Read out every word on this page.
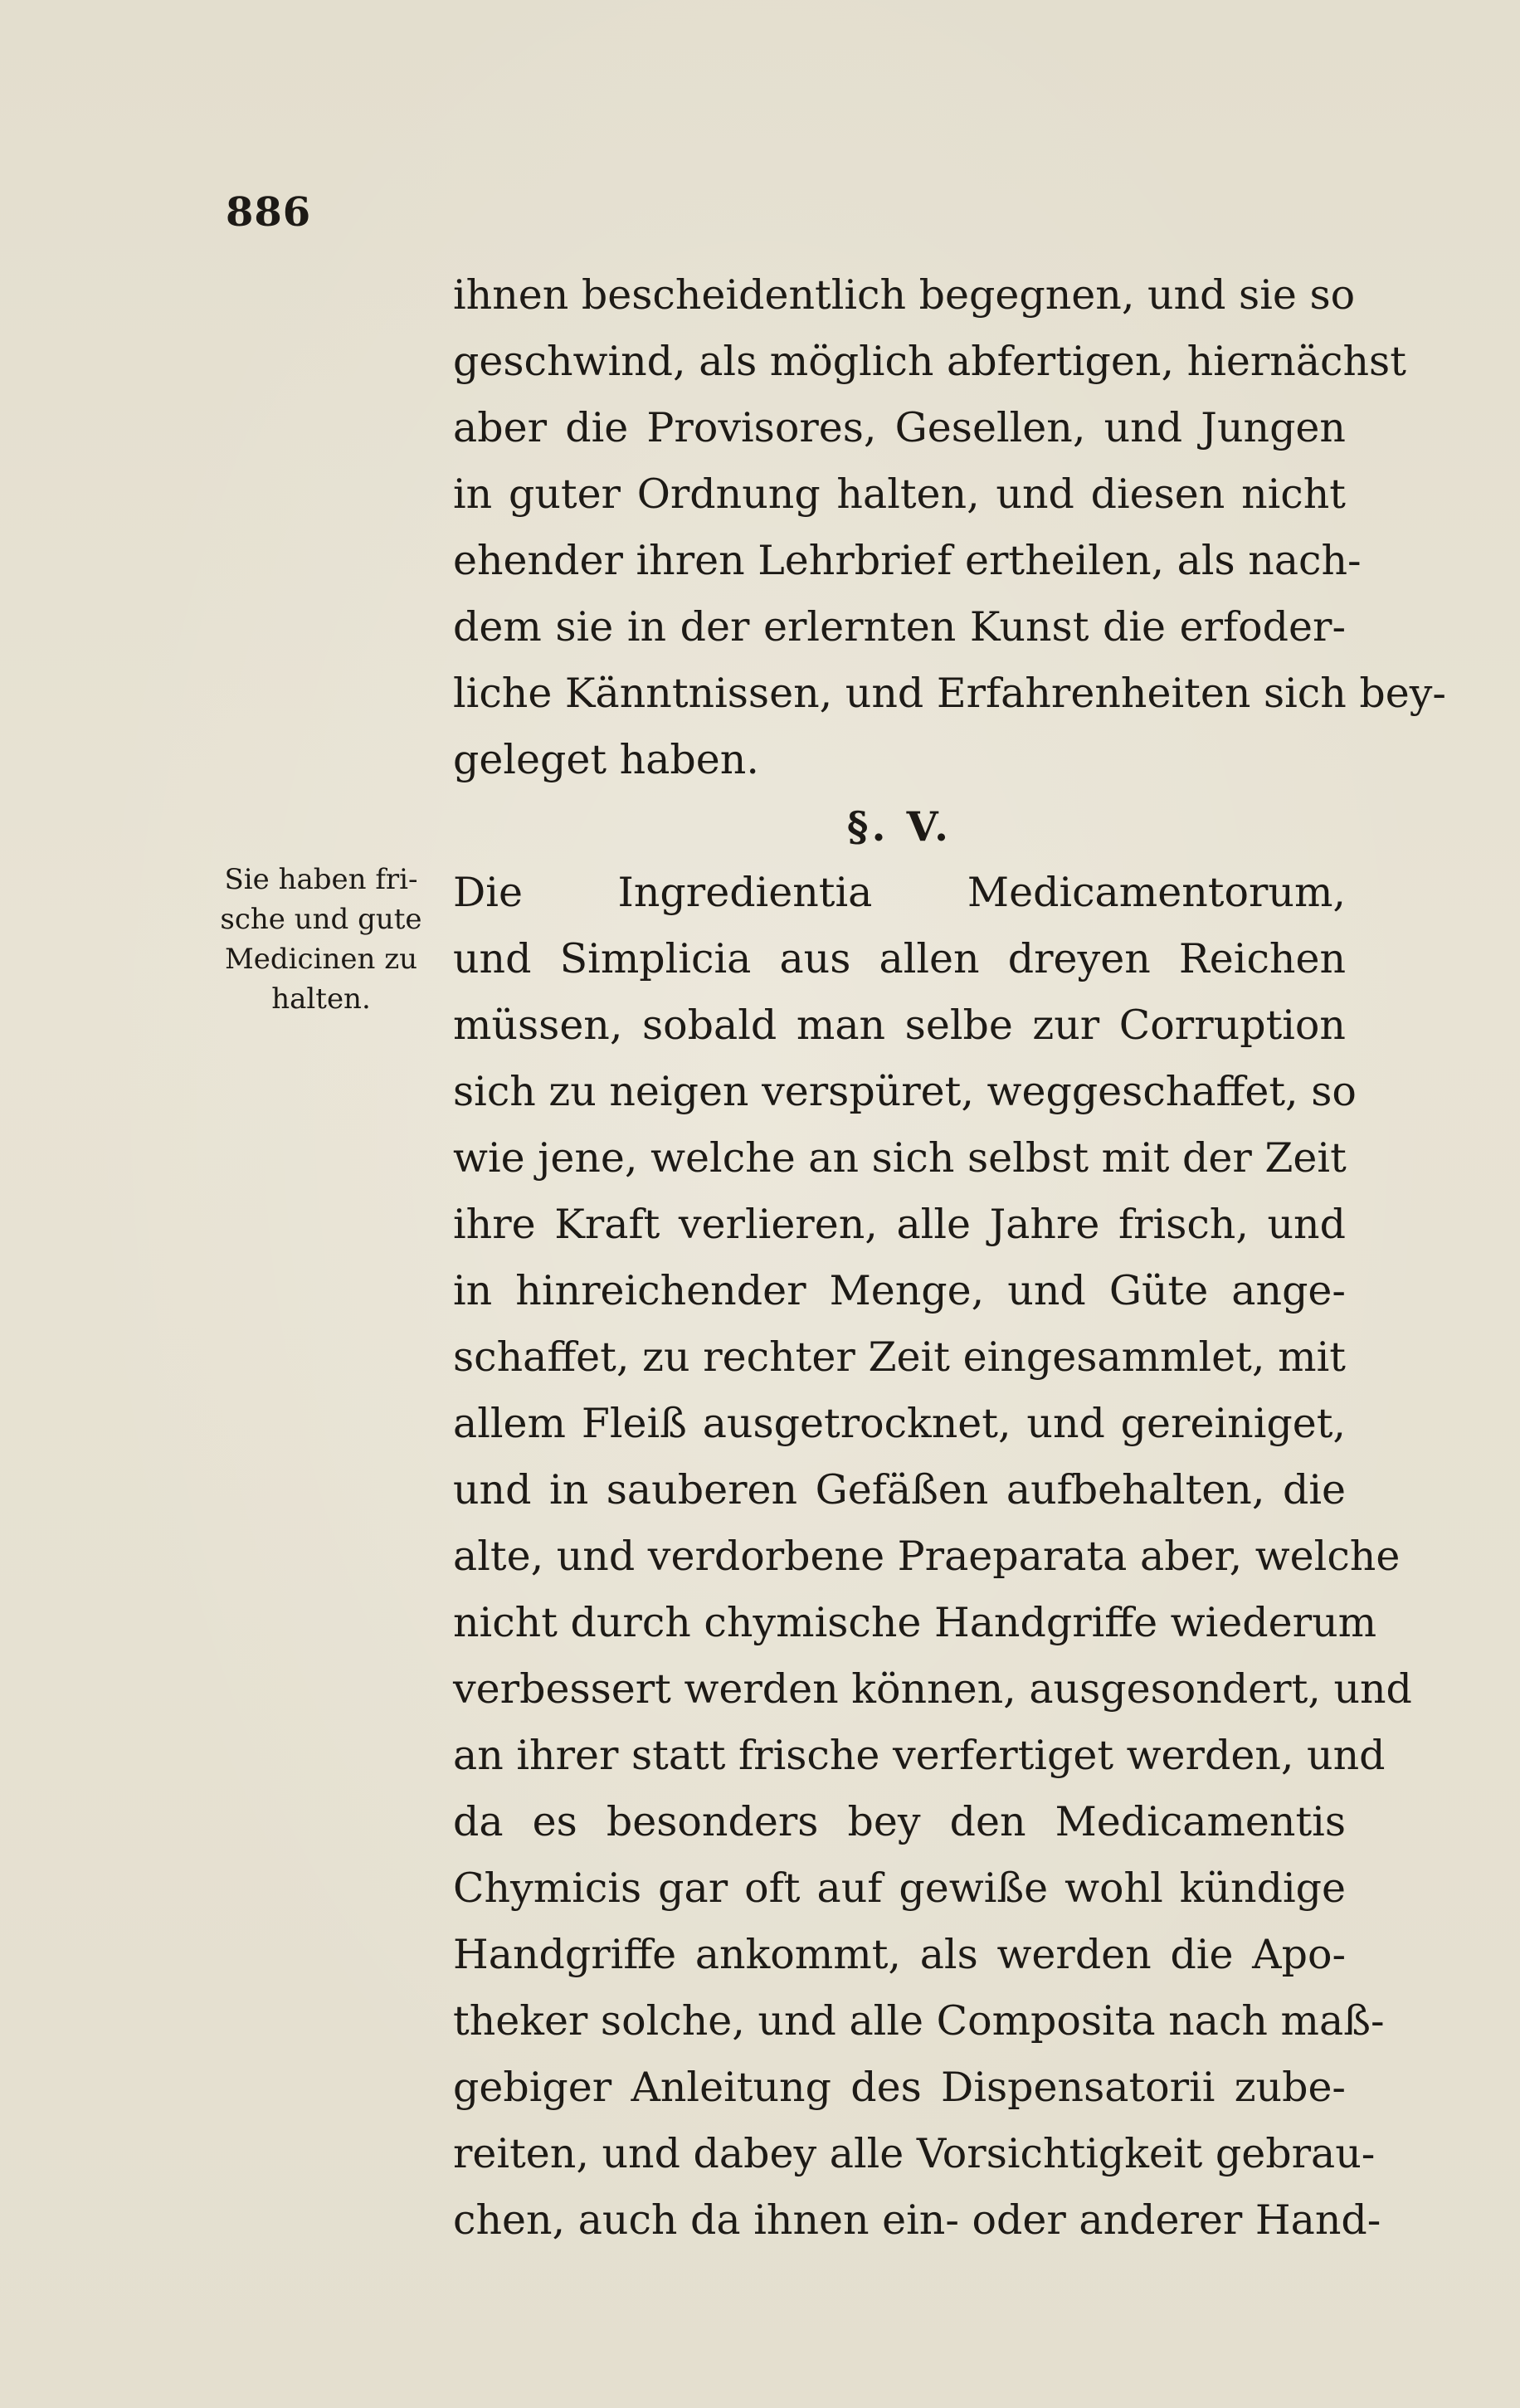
886
Sie haben fri-
sche und gute
Medicinen zu
halten.
ihnen bescheidentlich begegnen, und sie so
geschwind, als möglich abfertigen, hiernächst
aber die Provisores, Gesellen, und Jungen
in guter Ordnung halten, und diesen nicht
ehender ihren Lehrbrief ertheilen, als nach-
dem sie in der erlernten Kunst die erfoder-
liche Känntnissen, und Erfahrenheiten sich bey-
geleget haben.
§. V.
Die Ingredientia Medicamentorum,
und Simplicia aus allen dreyen Reichen
müssen, sobald man selbe zur Corruption
sich zu neigen verspüret, weggeschaffet, so
wie jene, welche an sich selbst mit der Zeit
ihre Kraft verlieren, alle Jahre frisch, und
in hinreichender Menge, und Güte ange-
schaffet, zu rechter Zeit eingesammlet, mit
allem Fleiß ausgetrocknet, und gereiniget,
und in sauberen Gefäßen aufbehalten, die
alte, und verdorbene Praeparata aber, welche
nicht durch chymische Handgriffe wiederum
verbessert werden können, ausgesondert, und
an ihrer statt frische verfertiget werden, und
da es besonders bey den Medicamentis
Chymicis gar oft auf gewiße wohl kündige
Handgriffe ankommt, als werden die Apo-
theker solche, und alle Composita nach maß-
gebiger Anleitung des Dispensatorii zube-
reiten, und dabey alle Vorsichtigkeit gebrau-
chen, auch da ihnen ein- oder anderer Hand-
